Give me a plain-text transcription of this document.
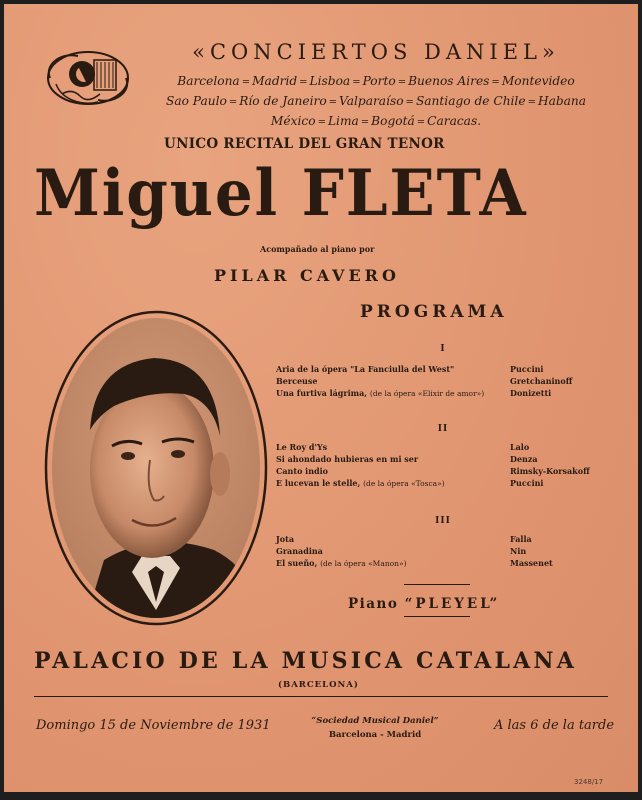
«CONCIERTOS DANIEL»
Barcelona = Madrid = Lisboa = Porto = Buenos Aires = Montevideo
Sao Paulo = Río de Janeiro = Valparaíso = Santiago de Chile = Habana
México = Lima = Bogotá = Caracas.
UNICO RECITAL DEL GRAN TENOR
Miguel FLETA
Acompañado al piano por
PILAR CAVERO
PROGRAMA
I
Aria de la ópera "La Fanciulla del West"	Puccini
Berceuse	Gretchaninoff
Una furtiva lágrima, (de la ópera «Elixir de amor»)	Donizetti
II
Le Roy d'Ys	Lalo
Si ahondado hubieras en mi ser	Denza
Canto indio	Rimsky-Korsakoff
E lucevan le stelle, (de la ópera «Tosca»)	Puccini
III
Jota	Falla
Granadina	Nin
El sueño, (de la ópera «Manon»)	Massenet
Piano “PLEYEL”
PALACIO DE LA MUSICA CATALANA
(BARCELONA)
Domingo 15 de Noviembre de 1931	“Sociedad Musical Daniel”
Barcelona - Madrid
A las 6 de la tarde
3248/17
